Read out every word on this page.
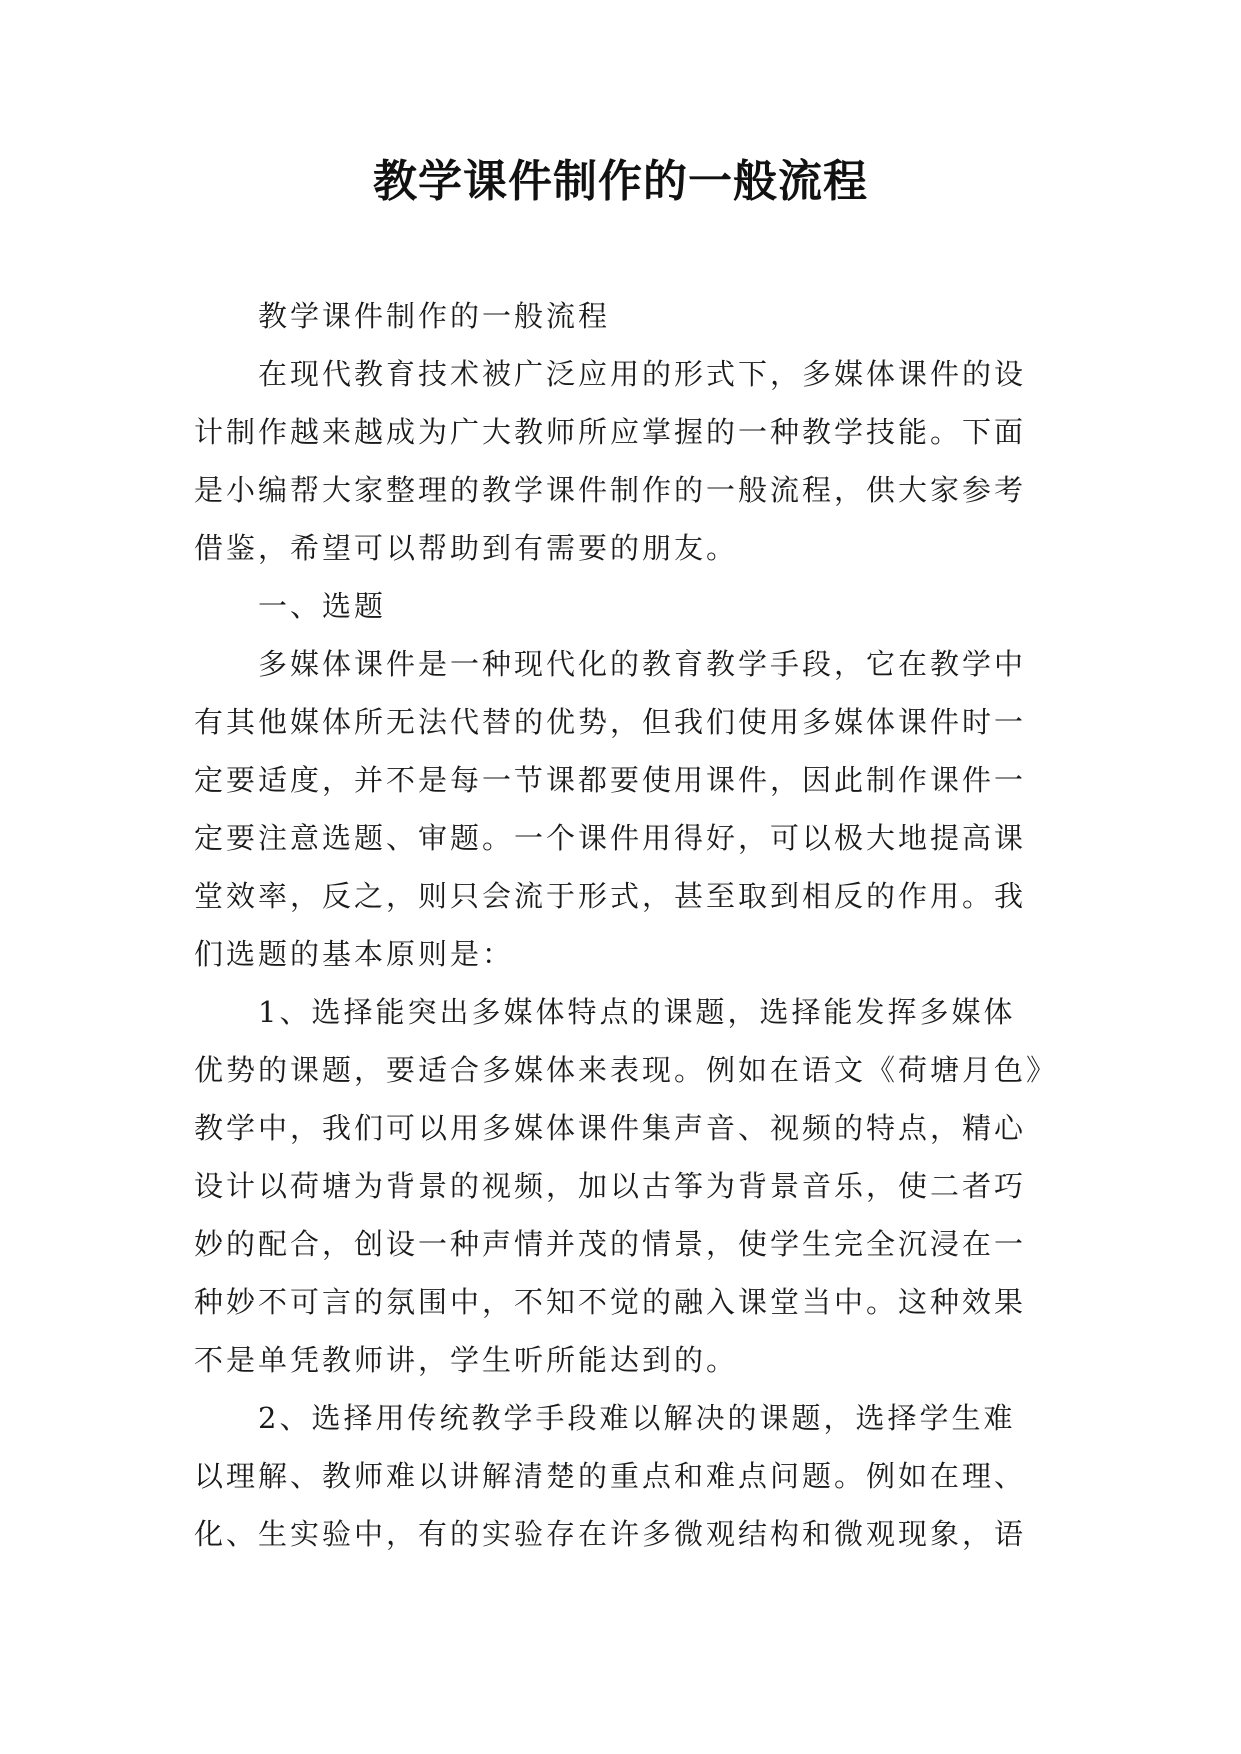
教学课件制作的一般流程
教学课件制作的一般流程
在现代教育技术被广泛应用的形式下，多媒体课件的设
计制作越来越成为广大教师所应掌握的一种教学技能。下面
是小编帮大家整理的教学课件制作的一般流程，供大家参考
借鉴，希望可以帮助到有需要的朋友。
一、选题
多媒体课件是一种现代化的教育教学手段，它在教学中
有其他媒体所无法代替的优势，但我们使用多媒体课件时一
定要适度，并不是每一节课都要使用课件，因此制作课件一
定要注意选题、审题。一个课件用得好，可以极大地提高课
堂效率，反之，则只会流于形式，甚至取到相反的作用。我
们选题的基本原则是：
1、选择能突出多媒体特点的课题，选择能发挥多媒体
优势的课题，要适合多媒体来表现。例如在语文《荷塘月色》
教学中，我们可以用多媒体课件集声音、视频的特点，精心
设计以荷塘为背景的视频，加以古筝为背景音乐，使二者巧
妙的配合，创设一种声情并茂的情景，使学生完全沉浸在一
种妙不可言的氛围中，不知不觉的融入课堂当中。这种效果
不是单凭教师讲，学生听所能达到的。
2、选择用传统教学手段难以解决的课题，选择学生难
以理解、教师难以讲解清楚的重点和难点问题。例如在理、
化、生实验中，有的实验存在许多微观结构和微观现象，语
